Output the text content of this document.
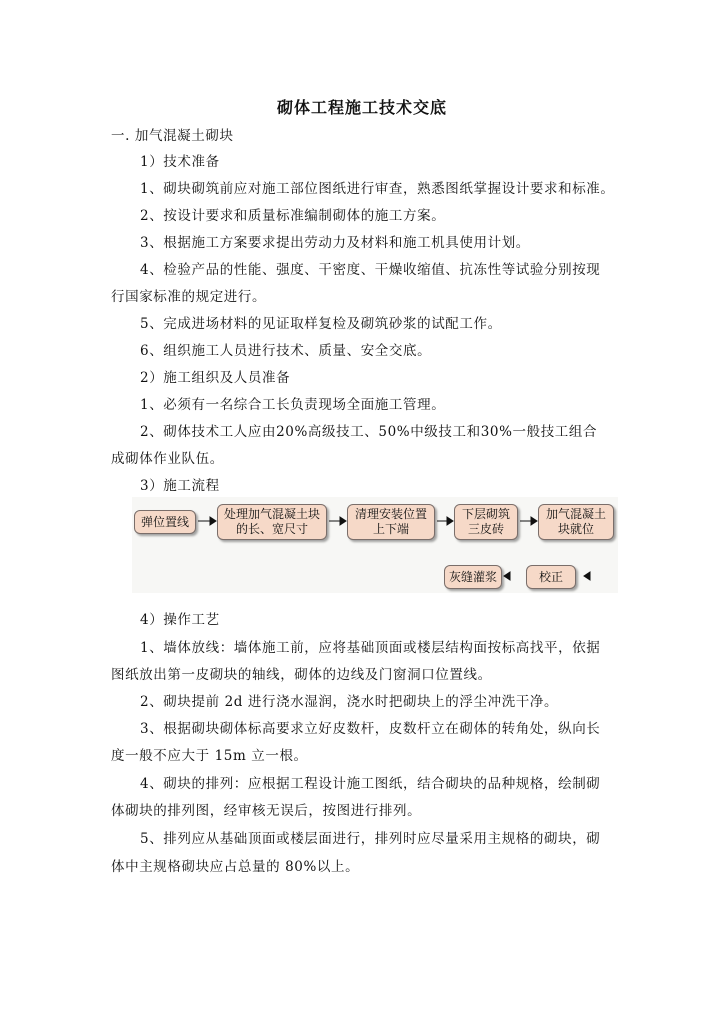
砌体工程施工技术交底
一. 加气混凝土砌块
1）技术准备
1、砌块砌筑前应对施工部位图纸进行审查，熟悉图纸掌握设计要求和标准。
2、按设计要求和质量标准编制砌体的施工方案。
3、根据施工方案要求提出劳动力及材料和施工机具使用计划。
4、检验产品的性能、强度、干密度、干燥收缩值、抗冻性等试验分别按现
行国家标准的规定进行。
5、完成进场材料的见证取样复检及砌筑砂浆的试配工作。
6、组织施工人员进行技术、质量、安全交底。
2）施工组织及人员准备
1、必须有一名综合工长负责现场全面施工管理。
2、砌体技术工人应由20%高级技工、50%中级技工和30%一般技工组合
成砌体作业队伍。
3）施工流程
弹位置线
处理加气混凝土块
的长、宽尺寸
清理安装位置
上下端
下层砌筑
三皮砖
加气混凝土
块就位
校正
灰缝灌浆
4）操作工艺
1、墙体放线：墙体施工前，应将基础顶面或楼层结构面按标高找平，依据
图纸放出第一皮砌块的轴线，砌体的边线及门窗洞口位置线。
2、砌块提前 2d 进行浇水湿润，浇水时把砌块上的浮尘冲洗干净。
3、根据砌块砌体标高要求立好皮数杆，皮数杆立在砌体的转角处，纵向长
度一般不应大于 15m 立一根。
4、砌块的排列：应根据工程设计施工图纸，结合砌块的品种规格，绘制砌
体砌块的排列图，经审核无误后，按图进行排列。
5、排列应从基础顶面或楼层面进行，排列时应尽量采用主规格的砌块，砌
体中主规格砌块应占总量的 80%以上。
